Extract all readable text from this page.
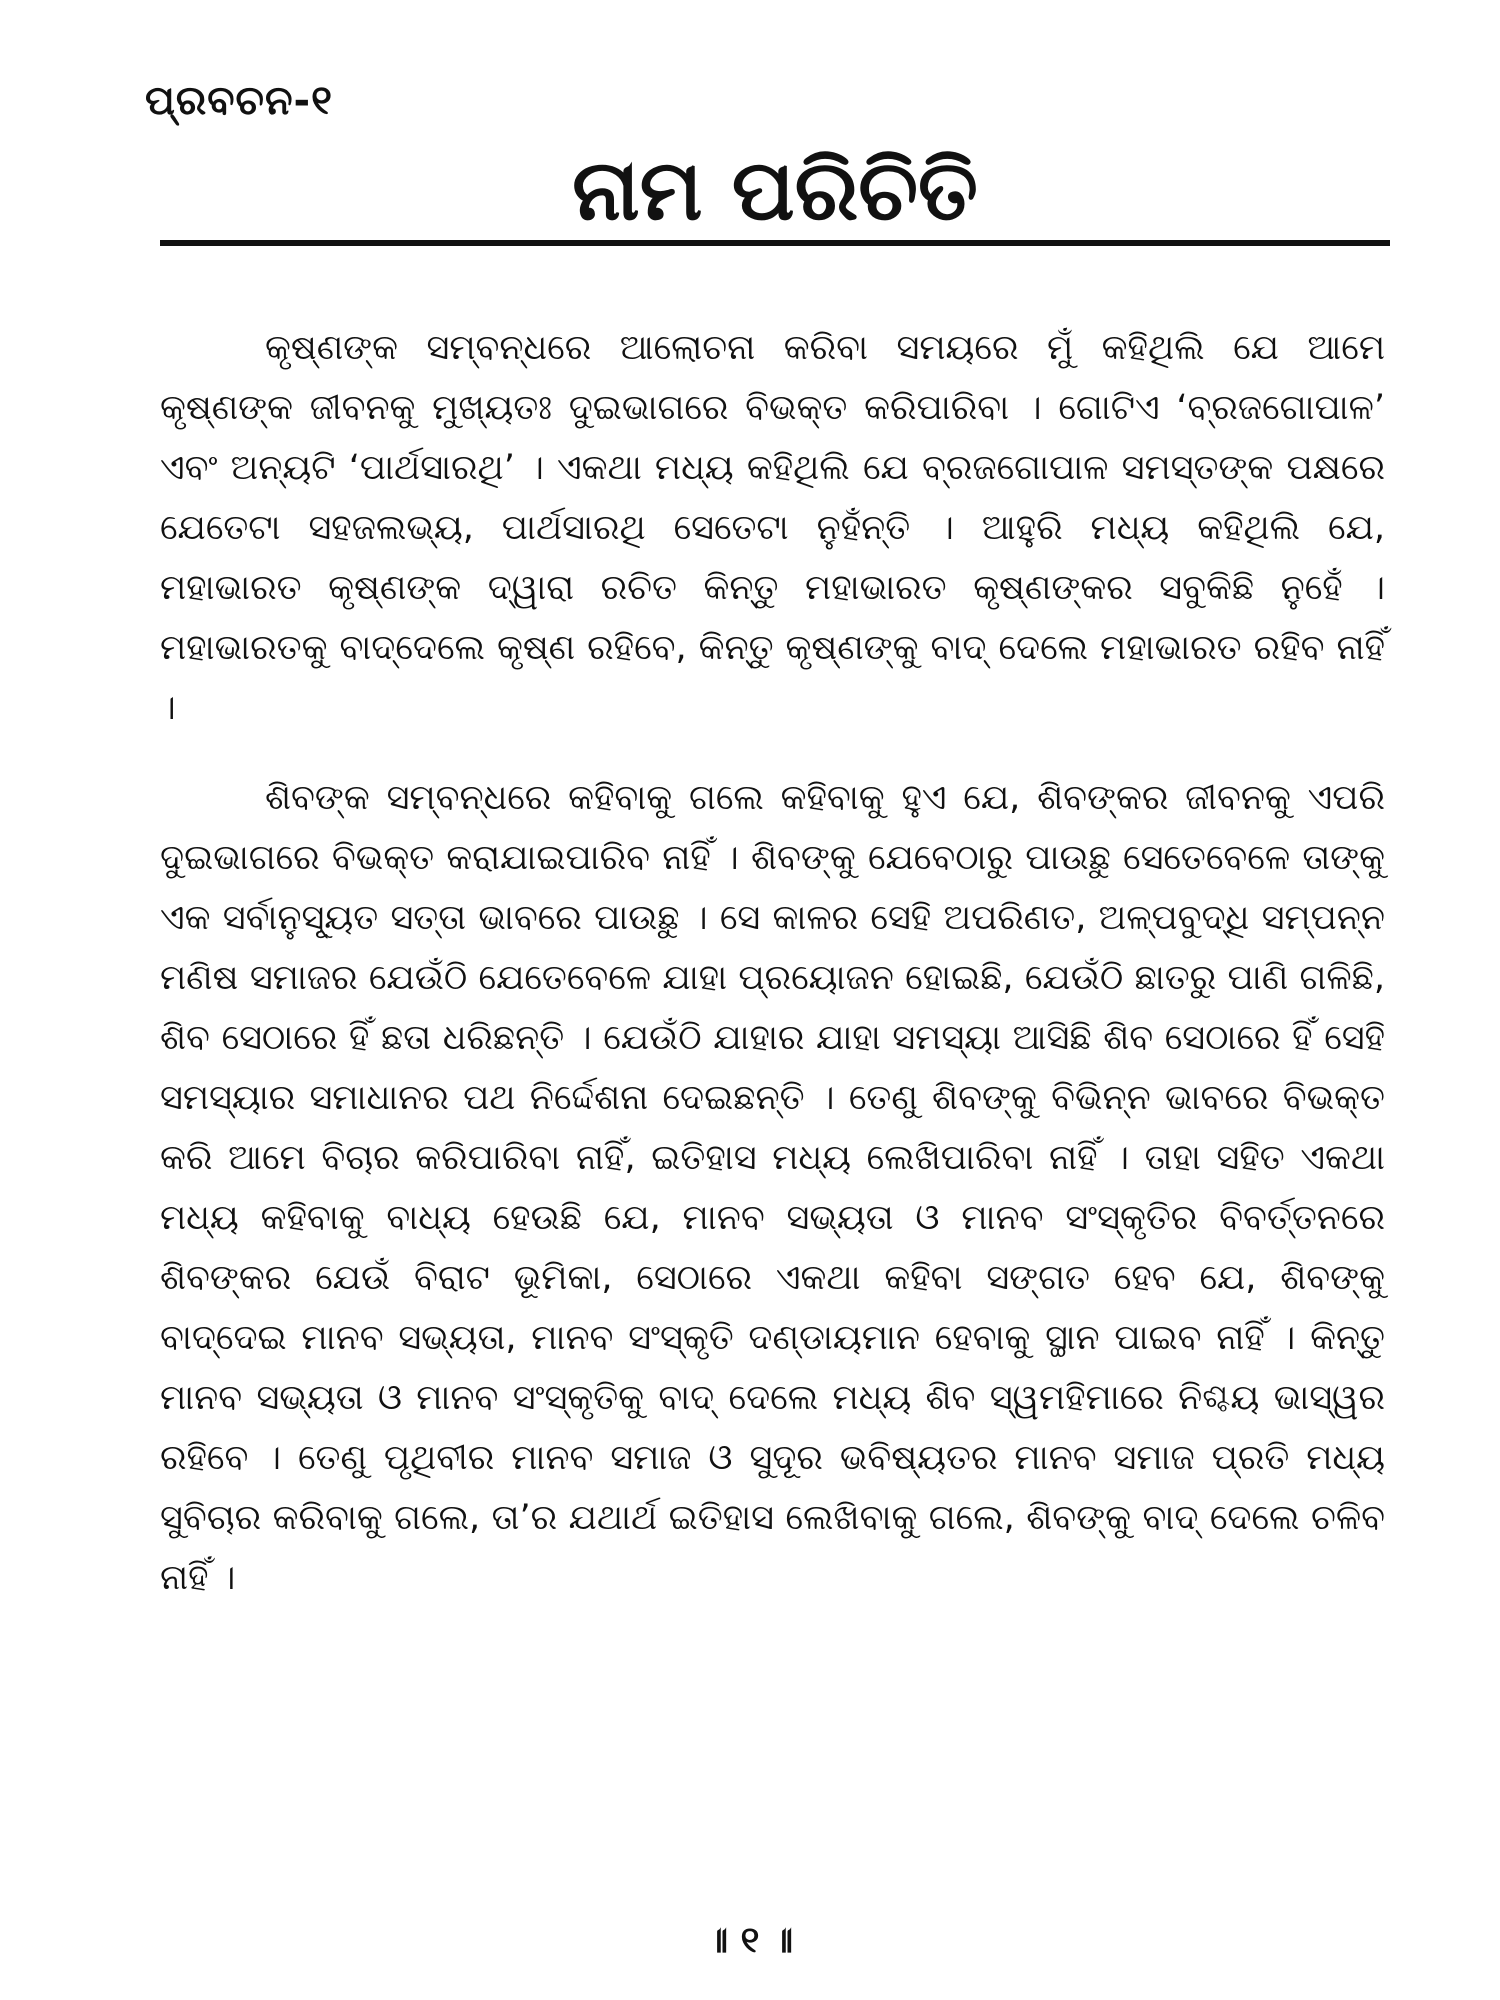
ପ୍ରବଚନ-୧
ନାମ ପରିଚିତି

କୃଷ୍ଣଙ୍କ ସମ୍ବନ୍ଧରେ ଆଲୋଚନା କରିବା ସମୟରେ ମୁଁ କହିଥିଲି ଯେ ଆମେ କୃଷ୍ଣଙ୍କ ଜୀବନକୁ ମୁଖ୍ୟତଃ ଦୁଇଭାଗରେ ବିଭକ୍ତ କରିପାରିବା । ଗୋଟିଏ ‘ବ୍ରଜଗୋପାଳ’ ଏବଂ ଅନ୍ୟଟି ‘ପାର୍ଥସାରଥି’ । ଏକଥା ମଧ୍ୟ କହିଥିଲି ଯେ ବ୍ରଜଗୋପାଳ ସମସ୍ତଙ୍କ ପକ୍ଷରେ ଯେତେଟା ସହଜଲଭ୍ୟ, ପାର୍ଥସାରଥି ସେତେଟା ନୁହଁନ୍ତି । ଆହୁରି ମଧ୍ୟ କହିଥିଲି ଯେ, ମହାଭାରତ କୃଷ୍ଣଙ୍କ ଦ୍ୱାରା ରଚିତ କିନ୍ତୁ ମହାଭାରତ କୃଷ୍ଣଙ୍କର ସବୁକିଛି ନୁହେଁ । ମହାଭାରତକୁ ବାଦ୍‌ଦେଲେ କୃଷ୍ଣ ରହିବେ, କିନ୍ତୁ କୃଷ୍ଣଙ୍କୁ ବାଦ୍ ଦେଲେ ମହାଭାରତ ରହିବ ନାହିଁ ।

ଶିବଙ୍କ ସମ୍ବନ୍ଧରେ କହିବାକୁ ଗଲେ କହିବାକୁ ହୁଏ ଯେ, ଶିବଙ୍କର ଜୀବନକୁ ଏପରି ଦୁଇଭାଗରେ ବିଭକ୍ତ କରାଯାଇପାରିବ ନାହିଁ । ଶିବଙ୍କୁ ଯେବେଠାରୁ ପାଉଛୁ ସେତେବେଳେ ତାଙ୍କୁ ଏକ ସର୍ବାନୁସ୍ୟୂତ ସତ୍ତା ଭାବରେ ପାଉଛୁ । ସେ କାଳର ସେହି ଅପରିଣତ, ଅଳ୍ପବୁଦ୍ଧି ସମ୍ପନ୍ନ ମଣିଷ ସମାଜର ଯେଉଁଠି ଯେତେବେଳେ ଯାହା ପ୍ରୟୋଜନ ହୋଇଛି, ଯେଉଁଠି ଛାତରୁ ପାଣି ଗଳିଛି, ଶିବ ସେଠାରେ ହିଁ ଛତା ଧରିଛନ୍ତି । ଯେଉଁଠି ଯାହାର ଯାହା ସମସ୍ୟା ଆସିଛି ଶିବ ସେଠାରେ ହିଁ ସେହି ସମସ୍ୟାର ସମାଧାନର ପଥ ନିର୍ଦ୍ଦେଶନା ଦେଇଛନ୍ତି । ତେଣୁ ଶିବଙ୍କୁ ବିଭିନ୍ନ ଭାବରେ ବିଭକ୍ତ କରି ଆମେ ବିଚାର କରିପାରିବା ନାହିଁ, ଇତିହାସ ମଧ୍ୟ ଲେଖିପାରିବା ନାହିଁ । ତାହା ସହିତ ଏକଥା ମଧ୍ୟ କହିବାକୁ ବାଧ୍ୟ ହେଉଛି ଯେ, ମାନବ ସଭ୍ୟତା ଓ ମାନବ ସଂସ୍କୃତିର ବିବର୍ତ୍ତନରେ ଶିବଙ୍କର ଯେଉଁ ବିରାଟ ଭୂମିକା, ସେଠାରେ ଏକଥା କହିବା ସଙ୍ଗତ ହେବ ଯେ, ଶିବଙ୍କୁ ବାଦ୍‌ଦେଇ ମାନବ ସଭ୍ୟତା, ମାନବ ସଂସ୍କୃତି ଦଣ୍ଡାୟମାନ ହେବାକୁ ସ୍ଥାନ ପାଇବ ନାହିଁ । କିନ୍ତୁ ମାନବ ସଭ୍ୟତା ଓ ମାନବ ସଂସ୍କୃତିକୁ ବାଦ୍ ଦେଲେ ମଧ୍ୟ ଶିବ ସ୍ୱମହିମାରେ ନିଶ୍ଚୟ ଭାସ୍ୱର ରହିବେ । ତେଣୁ ପୃଥିବୀର ମାନବ ସମାଜ ଓ ସୁଦୂର ଭବିଷ୍ୟତର ମାନବ ସମାଜ ପ୍ରତି ମଧ୍ୟ ସୁବିଚାର କରିବାକୁ ଗଲେ, ତା’ର ଯଥାର୍ଥ ଇତିହାସ ଲେଖିବାକୁ ଗଲେ, ଶିବଙ୍କୁ ବାଦ୍ ଦେଲେ ଚଳିବ ନାହିଁ ।

॥ ୧ ॥
